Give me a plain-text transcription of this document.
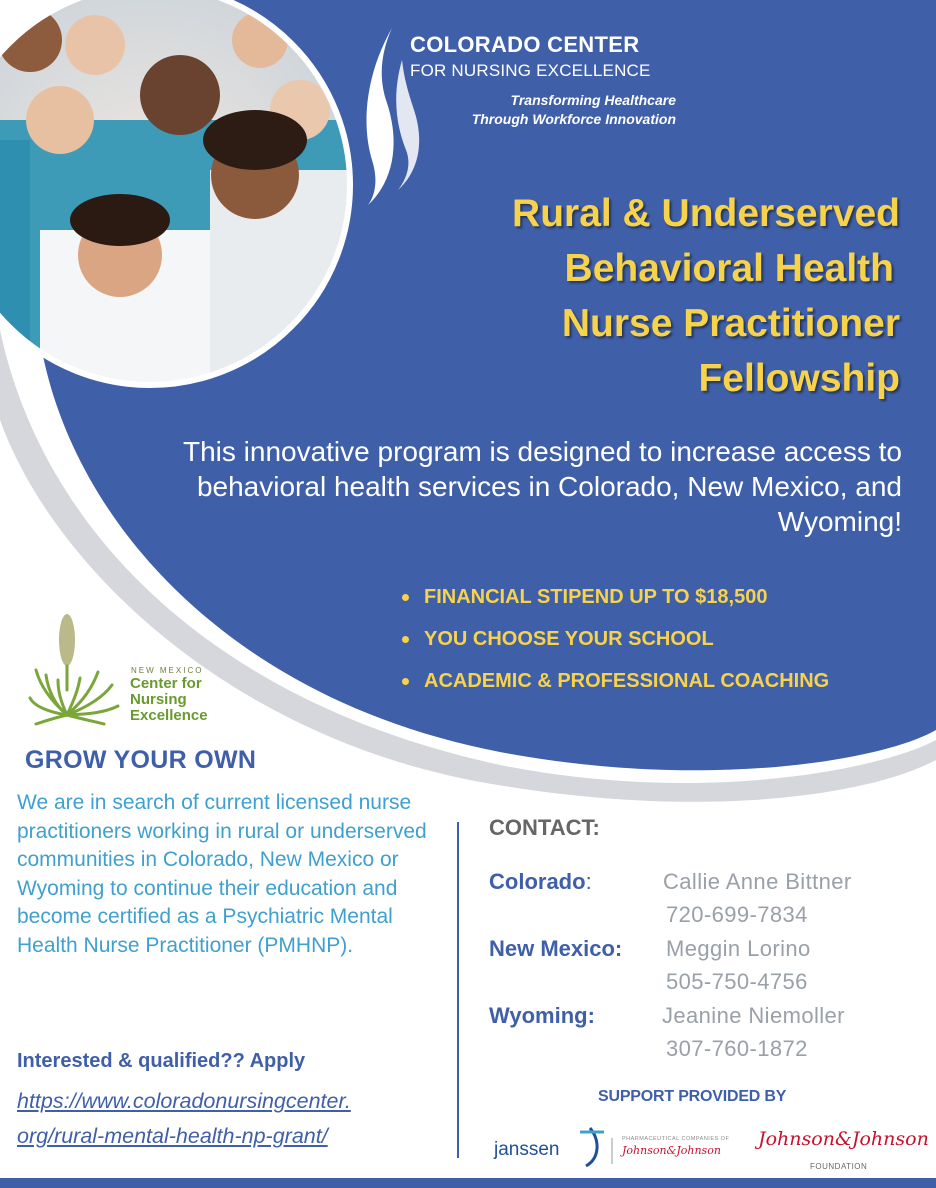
COLORADO CENTER
FOR NURSING EXCELLENCE
Transforming Healthcare
Through Workforce Innovation
Rural & Underserved
Behavioral Health
Nurse Practitioner
Fellowship
This innovative program is designed to increase access to behavioral health services in Colorado, New Mexico, and Wyoming!
FINANCIAL STIPEND UP TO $18,500
YOU CHOOSE YOUR SCHOOL
ACADEMIC & PROFESSIONAL COACHING
NEW MEXICO
Center for
Nursing
Excellence
GROW YOUR OWN
We are in search of current licensed nurse practitioners working in rural or underserved communities in Colorado, New Mexico or Wyoming to continue their education and become certified as a Psychiatric Mental Health Nurse Practitioner (PMHNP).
Interested & qualified?? Apply
https://www.coloradonursingcenter.
org/rural-mental-health-np-grant/
CONTACT:
Colorado:	Callie Anne Bittner
720-699-7834
New Mexico: Meggin Lorino
505-750-4756
Wyoming:	Jeanine Niemoller
307-760-1872
SUPPORT PROVIDED BY
janssen	PHARMACEUTICAL COMPANIES OF
Johnson&Johnson
Johnson&Johnson
FOUNDATION
